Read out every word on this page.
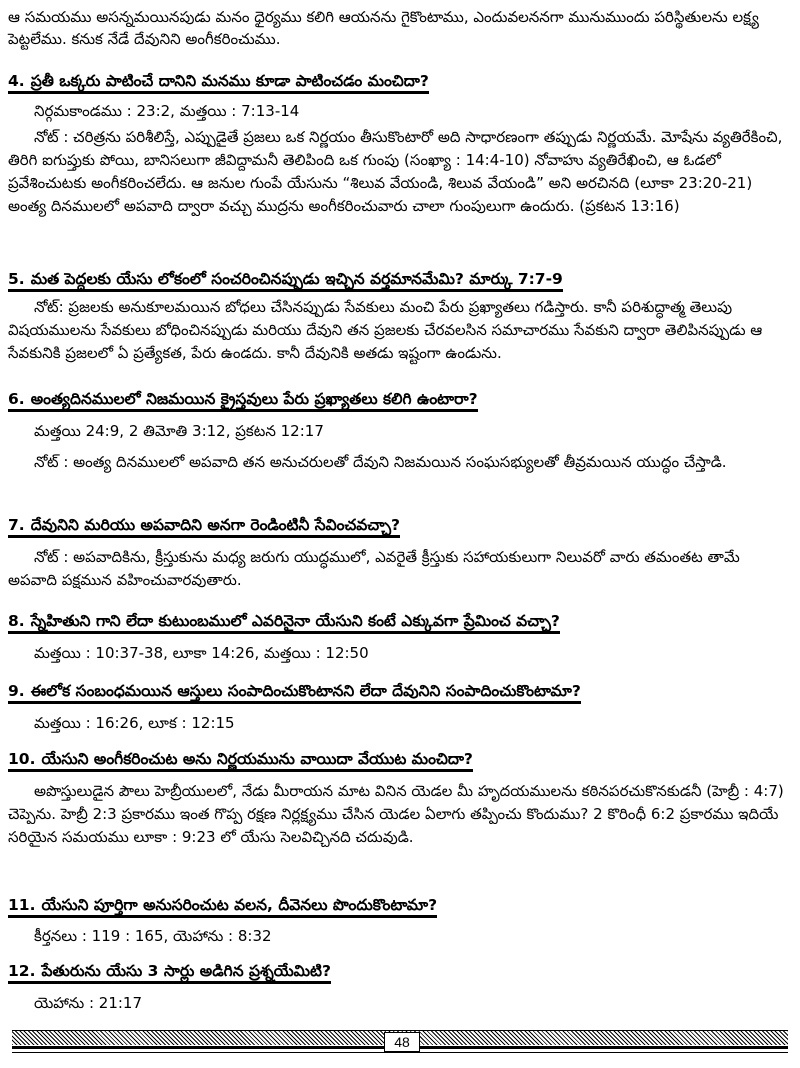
ఆ సమయము అసన్నమయినపుడు మనం ధైర్యము కలిగి ఆయనను గైకొంటాము, ఎందువలననగా మునుముందు పరిస్థితులను లక్ష్య పెట్టలేము. కనుక నేడే దేవునిని అంగీకరించుము.

4. ప్రతీ ఒక్కరు పాటించే దానిని మనము కూడా పాటించడం మంచిదా?

నిర్గమకాండము : 23:2, మత్తయి : 7:13-14

నోట్ : చరిత్రను పరిశీలిస్తే, ఎప్పుడైతే ప్రజలు ఒక నిర్ణయం తీసుకొంటారో అది సాధారణంగా తప్పుడు నిర్ణయమే. మోషేను వ్యతిరేకించి, తిరిగి ఐగుప్తుకు పోయి, బానిసలుగా జీవిద్దామనీ తెలిపింది ఒక గుంపు (సంఖ్యా : 14:4-10) నోవాహు వ్యతిరేఖించి, ఆ ఓడలో ప్రవేశించుటకు అంగీకరించలేదు. ఆ జనుల గుంపే యేసును “శిలువ వేయండి, శిలువ వేయండి” అని అరచినది (లూకా 23:20-21) అంత్య దినములలో అపవాది ద్వారా వచ్చు ముద్రను అంగీకరించువారు చాలా గుంపులుగా ఉందురు. (ప్రకటన 13:16)

5. మత పెద్దలకు యేసు లోకంలో సంచరించినప్పుడు ఇచ్చిన వర్తమానమేమి? మార్కు 7:7-9

నోట్: ప్రజలకు అనుకూలమయిన బోధలు చేసినప్పుడు సేవకులు మంచి పేరు ప్రఖ్యాతలు గడిస్తారు. కానీ పరిశుద్ధాత్మ తెలుపు విషయములను సేవకులు బోధించినప్పుడు మరియు దేవుని తన ప్రజలకు చేరవలసిన సమాచారము సేవకుని ద్వారా తెలిపినప్పుడు ఆ సేవకునికి ప్రజలలో ఏ ప్రత్యేకత, పేరు ఉండదు. కానీ దేవునికి అతడు ఇష్టంగా ఉండును.

6. అంత్యదినములలో నిజమయిన క్రైస్తవులు పేరు ప్రఖ్యాతలు కలిగి ఉంటారా?

మత్తయి 24:9, 2 తిమోతి 3:12, ప్రకటన 12:17

నోట్ : అంత్య దినములలో అపవాది తన అనుచరులతో దేవుని నిజమయిన సంఘసభ్యులతో తీవ్రమయిన యుద్ధం చేస్తాడి.

7. దేవునిని మరియు అపవాదిని అనగా రెండింటినీ సేవించవచ్చా?

నోట్ : అపవాదికిను, క్రీస్తుకును మధ్య జరుగు యుద్ధములో, ఎవరైతే క్రీస్తుకు సహాయకులుగా నిలువరో వారు తమంతట తామే అపవాది పక్షమున వహించువారవుతారు.

8. స్నేహితుని గాని లేదా కుటుంబములో ఎవరినైనా యేసుని కంటే ఎక్కువగా ప్రేమించ వచ్చా?

మత్తయి : 10:37-38, లూకా 14:26, మత్తయి : 12:50

9. ఈలోక సంబంధమయిన ఆస్తులు సంపాదించుకొంటానని లేదా దేవునిని సంపాదించుకొంటామా?

మత్తయి : 16:26, లూక : 12:15

10. యేసుని అంగీకరించుట అను నిర్ణయమును వాయిదా వేయుట మంచిదా?

అపొస్తులుడైన పౌలు హెబ్రీయులలో, నేడు మీరాయన మాట వినిన యెడల మీ హృదయములను కఠినపరచుకొనకుడనీ (హెబ్రీ : 4:7) చెప్పెను. హెబ్రీ 2:3 ప్రకారము ఇంత గొప్ప రక్షణ నిర్లక్ష్యము చేసిన యెడల ఏలాగు తప్పించు కొందుము? 2 కొరింధీ 6:2 ప్రకారము ఇదియే సరియైన సమయము లూకా : 9:23 లో యేసు సెలవిచ్చినది చదువుడి.

11. యేసుని పూర్తిగా అనుసరించుట వలన, దీవెనలు పొందుకొంటామా?

కీర్తనలు : 119 : 165, యెహాను : 8:32

12. పేతురును యేసు 3 సార్లు అడిగిన ప్రశ్నయేమిటి?

యెహాను : 21:17

48
